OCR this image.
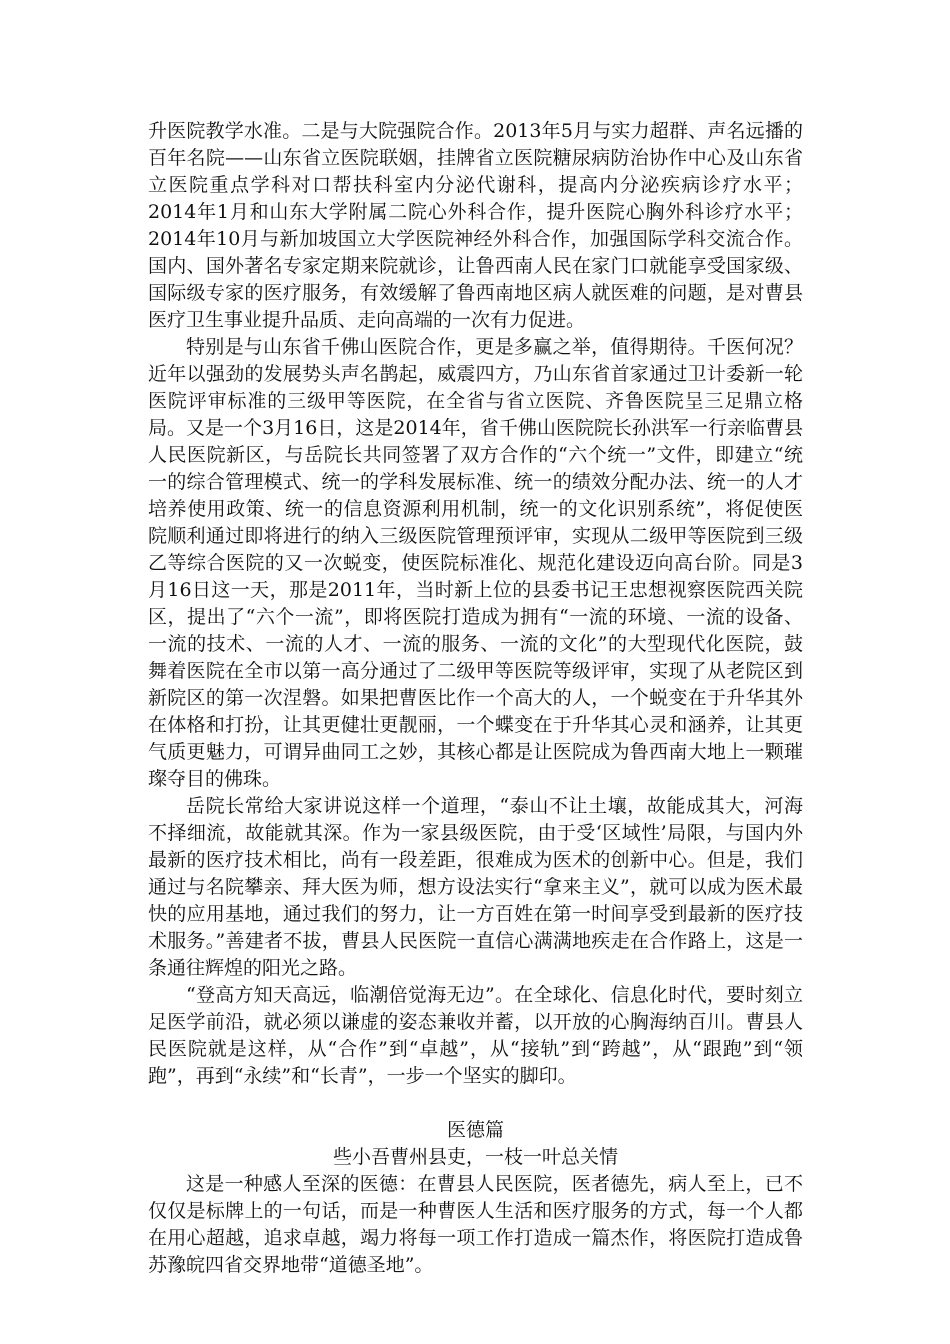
升医院教学水准。二是与大院强院合作。2013年5月与实力超群、声名远播的百年名院——山东省立医院联姻，挂牌省立医院糖尿病防治协作中心及山东省立医院重点学科对口帮扶科室内分泌代谢科，提高内分泌疾病诊疗水平；2014年1月和山东大学附属二院心外科合作，提升医院心胸外科诊疗水平；2014年10月与新加坡国立大学医院神经外科合作，加强国际学科交流合作。国内、国外著名专家定期来院就诊，让鲁西南人民在家门口就能享受国家级、国际级专家的医疗服务，有效缓解了鲁西南地区病人就医难的问题，是对曹县医疗卫生事业提升品质、走向高端的一次有力促进。

特别是与山东省千佛山医院合作，更是多赢之举，值得期待。千医何况？近年以强劲的发展势头声名鹊起，威震四方，乃山东省首家通过卫计委新一轮医院评审标准的三级甲等医院，在全省与省立医院、齐鲁医院呈三足鼎立格局。又是一个3月16日，这是2014年，省千佛山医院院长孙洪军一行亲临曹县人民医院新区，与岳院长共同签署了双方合作的“六个统一”文件，即建立“统一的综合管理模式、统一的学科发展标准、统一的绩效分配办法、统一的人才培养使用政策、统一的信息资源利用机制，统一的文化识别系统”，将促使医院顺利通过即将进行的纳入三级医院管理预评审，实现从二级甲等医院到三级乙等综合医院的又一次蜕变，使医院标准化、规范化建设迈向高台阶。同是3月16日这一天，那是2011年，当时新上位的县委书记王忠想视察医院西关院区，提出了“六个一流”，即将医院打造成为拥有“一流的环境、一流的设备、一流的技术、一流的人才、一流的服务、一流的文化”的大型现代化医院，鼓舞着医院在全市以第一高分通过了二级甲等医院等级评审，实现了从老院区到新院区的第一次涅磐。如果把曹医比作一个高大的人，一个蜕变在于升华其外在体格和打扮，让其更健壮更靓丽，一个蝶变在于升华其心灵和涵养，让其更气质更魅力，可谓异曲同工之妙，其核心都是让医院成为鲁西南大地上一颗璀璨夺目的佛珠。

岳院长常给大家讲说这样一个道理，“泰山不让土壤，故能成其大，河海不择细流，故能就其深。作为一家县级医院，由于受‘区域性’局限，与国内外最新的医疗技术相比，尚有一段差距，很难成为医术的创新中心。但是，我们通过与名院攀亲、拜大医为师，想方设法实行“拿来主义”，就可以成为医术最快的应用基地，通过我们的努力，让一方百姓在第一时间享受到最新的医疗技术服务。”善建者不拔，曹县人民医院一直信心满满地疾走在合作路上，这是一条通往辉煌的阳光之路。

“登高方知天高远，临潮倍觉海无边”。在全球化、信息化时代，要时刻立足医学前沿，就必须以谦虚的姿态兼收并蓄，以开放的心胸海纳百川。曹县人民医院就是这样，从“合作”到“卓越”，从“接轨”到“跨越”，从“跟跑”到“领跑”，再到“永续”和“长青”，一步一个坚实的脚印。

医德篇

些小吾曹州县吏，一枝一叶总关情

这是一种感人至深的医德：在曹县人民医院，医者德先，病人至上，已不仅仅是标牌上的一句话，而是一种曹医人生活和医疗服务的方式，每一个人都在用心超越，追求卓越，竭力将每一项工作打造成一篇杰作，将医院打造成鲁苏豫皖四省交界地带“道德圣地”。
